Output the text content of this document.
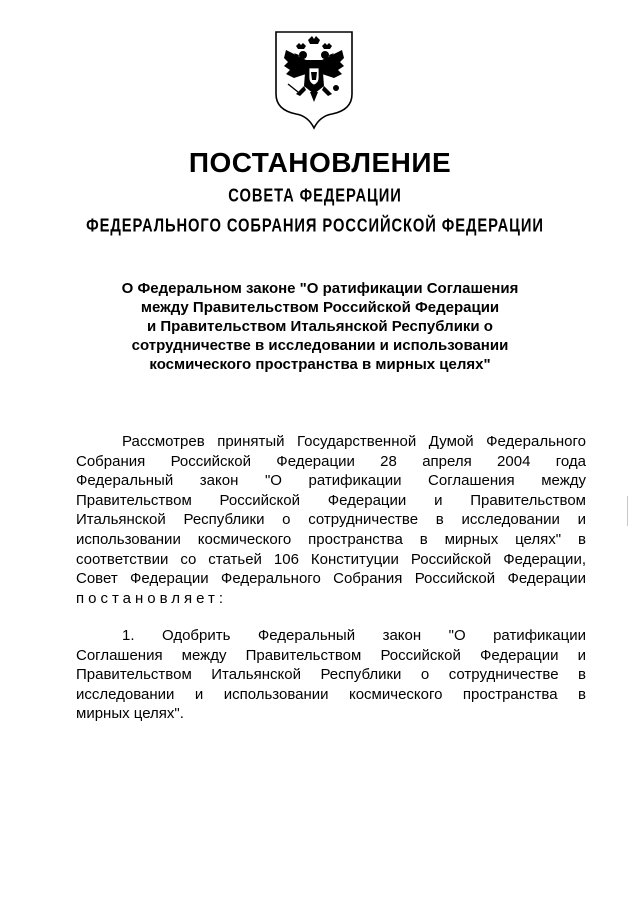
ПОСТАНОВЛЕНИЕ
СОВЕТА ФЕДЕРАЦИИ
ФЕДЕРАЛЬНОГО СОБРАНИЯ РОССИЙСКОЙ ФЕДЕРАЦИИ
О Федеральном законе "О ратификации Соглашения
между Правительством Российской Федерации
и Правительством Итальянской Республики о
сотрудничестве в исследовании и использовании
космического пространства в мирных целях"
Рассмотрев принятый Государственной Думой Федерального
Собрания Российской Федерации 28 апреля 2004 года
Федеральный закон "О ратификации Соглашения между
Правительством Российской Федерации и Правительством
Итальянской Республики о сотрудничестве в исследовании и
использовании космического пространства в мирных целях" в
соответствии со статьей 106 Конституции Российской Федерации,
Совет Федерации Федерального Собрания Российской Федерации
постановляет:
1. Одобрить Федеральный закон "О ратификации
Соглашения между Правительством Российской Федерации и
Правительством Итальянской Республики о сотрудничестве в
исследовании и использовании космического пространства в
мирных целях".
